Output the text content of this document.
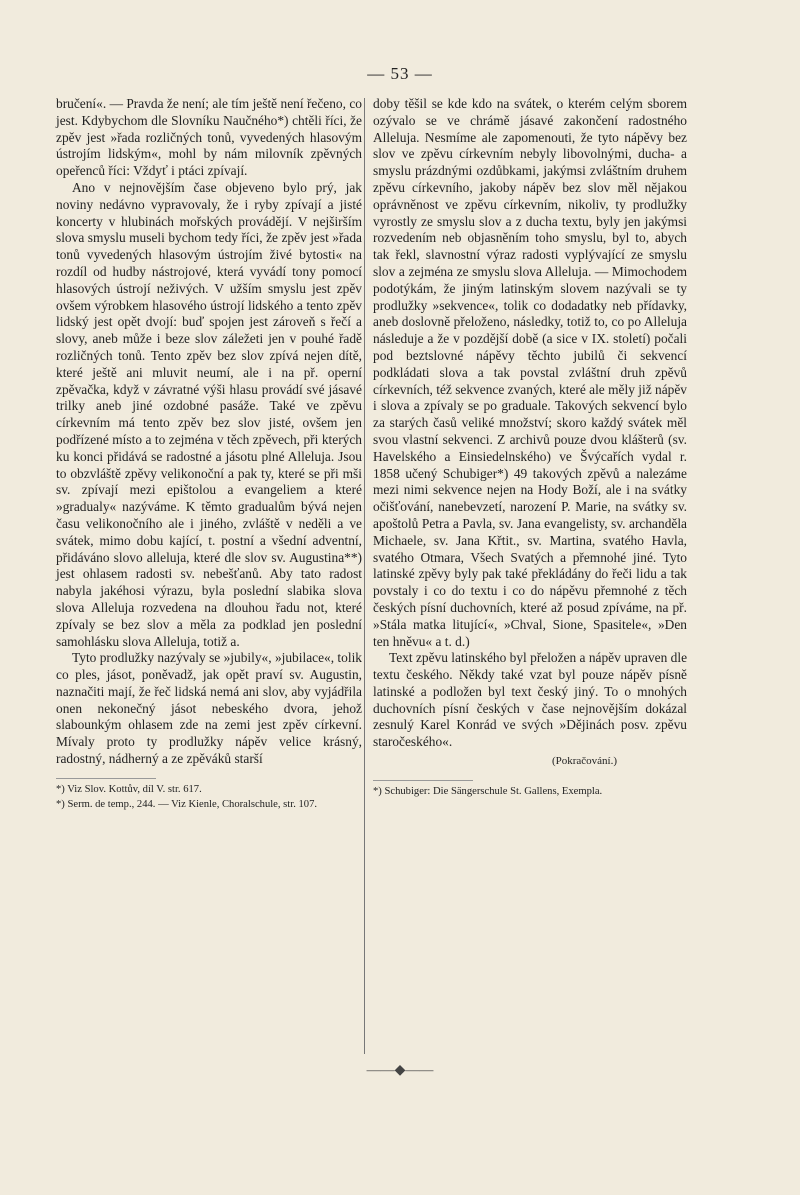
— 53 —

bručení«. — Pravda že není; ale tím ještě není řečeno, co jest. Kdybychom dle Slovníku Naučného*) chtěli říci, že zpěv jest »řada rozličných tonů, vyvedených hlasovým ústrojím lidským«, mohl by nám milovník zpěvných opeřenců říci: Vždyť i ptáci zpívají.

Ano v nejnovějším čase objeveno bylo prý, jak noviny nedávno vypravovaly, že i ryby zpívají a jisté koncerty v hlubinách mořských provádějí. V nejširším slova smyslu museli bychom tedy říci, že zpěv jest »řada tonů vyvedených hlasovým ústrojím živé bytosti« na rozdíl od hudby nástrojové, která vyvádí tony pomocí hlasových ústrojí neživých. V užším smyslu jest zpěv ovšem výrobkem hlasového ústrojí lidského a tento zpěv lidský jest opět dvojí: buď spojen jest zároveň s řečí a slovy, aneb může i beze slov záležeti jen v pouhé řadě rozličných tonů. Tento zpěv bez slov zpívá nejen dítě, které ještě ani mluvit neumí, ale i na př. operní zpěvačka, když v závratné výši hlasu provádí své jásavé trilky aneb jiné ozdobné pasáže. Také ve zpěvu církevním má tento zpěv bez slov jisté, ovšem jen podřízené místo a to zejména v těch zpěvech, při kterých ku konci přidává se radostné a jásotu plné Alleluja. Jsou to obzvláště zpěvy velikonoční a pak ty, které se při mši sv. zpívají mezi epištolou a evangeliem a které »gradualy« nazýváme. K těmto gradualům bývá nejen času velikonočního ale i jiného, zvláště v neděli a ve svátek, mimo dobu kající, t. postní a všední adventní, přidáváno slovo alleluja, které dle slov sv. Augustina**) jest ohlasem radosti sv. nebešťanů. Aby tato radost nabyla jakéhosi výrazu, byla poslední slabika slova slova Alleluja rozvedena na dlouhou řadu not, které zpívaly se bez slov a měla za podklad jen poslední samohlásku slova Alleluja, totiž a.

Tyto prodlužky nazývaly se »jubily«, »jubilace«, tolik co ples, jásot, poněvadž, jak opět praví sv. Augustin, naznačiti mají, že řeč lidská nemá ani slov, aby vyjádřila onen nekonečný jásot nebeského dvora, jehož slabounkým ohlasem zde na zemi jest zpěv církevní. Mívaly proto ty prodlužky nápěv velice krásný, radostný, nádherný a ze zpěváků starší

*) Viz Slov. Kottův, díl V. str. 617.

*) Serm. de temp., 244. — Viz Kienle, Choralschule, str. 107.

doby těšil se kde kdo na svátek, o kterém celým sborem ozývalo se ve chrámě jásavé zakončení radostného Alleluja. Nesmíme ale zapomenouti, že tyto nápěvy bez slov ve zpěvu církevním nebyly libovolnými, ducha- a smyslu prázdnými ozdůbkami, jakýmsi zvláštním druhem zpěvu církevního, jakoby nápěv bez slov měl nějakou oprávněnost ve zpěvu církevním, nikoliv, ty prodlužky vyrostly ze smyslu slov a z ducha textu, byly jen jakýmsi rozvedením neb objasněním toho smyslu, byl to, abych tak řekl, slavnostní výraz radosti vyplývající ze smyslu slov a zejména ze smyslu slova Alleluja. — Mimochodem podotýkám, že jiným latinským slovem nazývali se ty prodlužky »sekvence«, tolik co dodadatky neb přídavky, aneb doslovně přeloženo, následky, totiž to, co po Alleluja následuje a že v pozdější době (a sice v IX. století) počali pod beztslovné nápěvy těchto jubilů či sekvencí podkládati slova a tak povstal zvláštní druh zpěvů církevních, též sekvence zvaných, které ale měly již nápěv i slova a zpívaly se po graduale. Takových sekvencí bylo za starých časů veliké množství; skoro každý svátek měl svou vlastní sekvenci. Z archivů pouze dvou klášterů (sv. Havelského a Einsiedelnského) ve Švýcařích vydal r. 1858 učený Schubiger*) 49 takových zpěvů a nalezáme mezi nimi sekvence nejen na Hody Boží, ale i na svátky očišťování, nanebevzetí, narození P. Marie, na svátky sv. apoštolů Petra a Pavla, sv. Jana evangelisty, sv. archanděla Michaele, sv. Jana Křtit., sv. Martina, svatého Havla, svatého Otmara, Všech Svatých a přemnohé jiné. Tyto latinské zpěvy byly pak také překládány do řeči lidu a tak povstaly i co do textu i co do nápěvu přemnohé z těch českých písní duchovních, které až posud zpíváme, na př. »Stála matka litující«, »Chval, Sione, Spasitele«, »Den ten hněvu« a t. d.)

Text zpěvu latinského byl přeložen a nápěv upraven dle textu českého. Někdy také vzat byl pouze nápěv písně latinské a podložen byl text český jiný. To o mnohých duchovních písní českých v čase nejnovějším dokázal zesnulý Karel Konrád ve svých »Dějinách posv. zpěvu staročeského«.

(Pokračování.)

*) Schubiger: Die Sängerschule St. Gallens, Exempla.

——◆——
